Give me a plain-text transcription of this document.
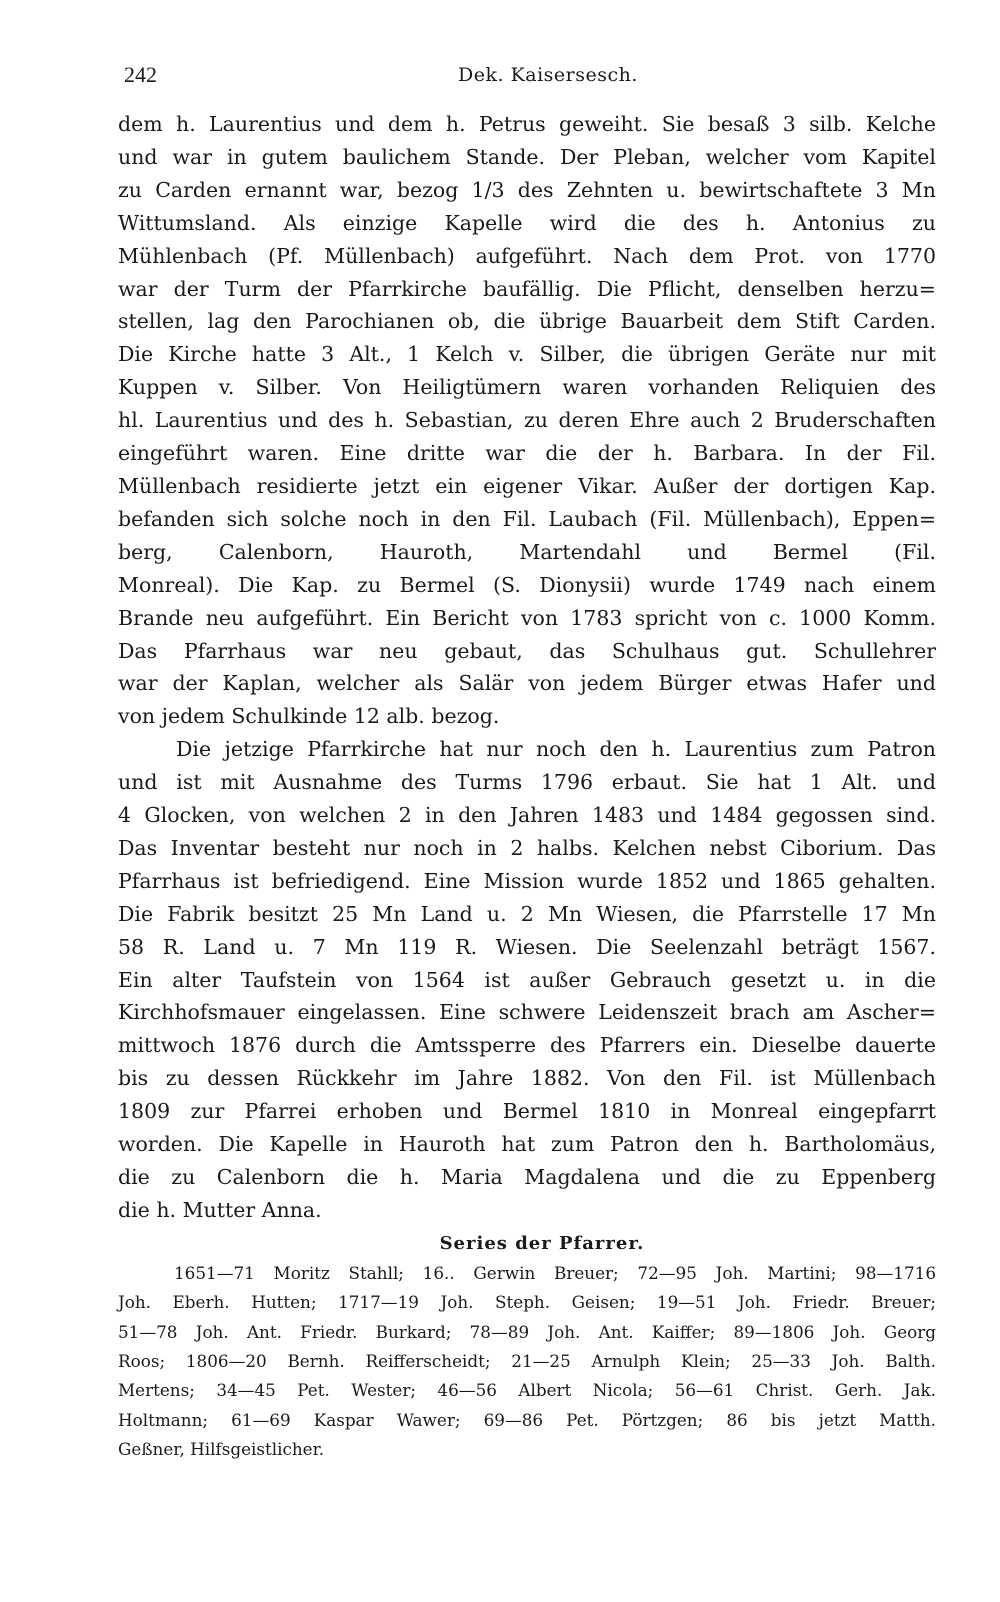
242	Dek. Kaisersesch.
dem h. Laurentius und dem h. Petrus geweiht. Sie besaß 3 silb. Kelche
und war in gutem baulichem Stande. Der Pleban, welcher vom Kapitel
zu Carden ernannt war, bezog 1/3 des Zehnten u. bewirtschaftete 3 Mn
Wittumsland. Als einzige Kapelle wird die des h. Antonius zu
Mühlenbach (Pf. Müllenbach) aufgeführt. Nach dem Prot. von 1770
war der Turm der Pfarrkirche baufällig. Die Pflicht, denselben herzu=
stellen, lag den Parochianen ob, die übrige Bauarbeit dem Stift Carden.
Die Kirche hatte 3 Alt., 1 Kelch v. Silber, die übrigen Geräte nur mit
Kuppen v. Silber. Von Heiligtümern waren vorhanden Reliquien des
hl. Laurentius und des h. Sebastian, zu deren Ehre auch 2 Bruderschaften
eingeführt waren. Eine dritte war die der h. Barbara. In der Fil.
Müllenbach residierte jetzt ein eigener Vikar. Außer der dortigen Kap.
befanden sich solche noch in den Fil. Laubach (Fil. Müllenbach), Eppen=
berg, Calenborn, Hauroth, Martendahl und Bermel (Fil.
Monreal). Die Kap. zu Bermel (S. Dionysii) wurde 1749 nach einem
Brande neu aufgeführt. Ein Bericht von 1783 spricht von c. 1000 Komm.
Das Pfarrhaus war neu gebaut, das Schulhaus gut. Schullehrer
war der Kaplan, welcher als Salär von jedem Bürger etwas Hafer und
von jedem Schulkinde 12 alb. bezog.
Die jetzige Pfarrkirche hat nur noch den h. Laurentius zum Patron
und ist mit Ausnahme des Turms 1796 erbaut. Sie hat 1 Alt. und
4 Glocken, von welchen 2 in den Jahren 1483 und 1484 gegossen sind.
Das Inventar besteht nur noch in 2 halbs. Kelchen nebst Ciborium. Das
Pfarrhaus ist befriedigend. Eine Mission wurde 1852 und 1865 gehalten.
Die Fabrik besitzt 25 Mn Land u. 2 Mn Wiesen, die Pfarrstelle 17 Mn
58 R. Land u. 7 Mn 119 R. Wiesen. Die Seelenzahl beträgt 1567.
Ein alter Taufstein von 1564 ist außer Gebrauch gesetzt u. in die
Kirchhofsmauer eingelassen. Eine schwere Leidenszeit brach am Ascher=
mittwoch 1876 durch die Amtssperre des Pfarrers ein. Dieselbe dauerte
bis zu dessen Rückkehr im Jahre 1882. Von den Fil. ist Müllenbach
1809 zur Pfarrei erhoben und Bermel 1810 in Monreal eingepfarrt
worden. Die Kapelle in Hauroth hat zum Patron den h. Bartholomäus,
die zu Calenborn die h. Maria Magdalena und die zu Eppenberg
die h. Mutter Anna.
Series der Pfarrer.
1651—71 Moritz Stahll; 16.. Gerwin Breuer; 72—95 Joh. Martini; 98—1716
Joh. Eberh. Hutten; 1717—19 Joh. Steph. Geisen; 19—51 Joh. Friedr. Breuer;
51—78 Joh. Ant. Friedr. Burkard; 78—89 Joh. Ant. Kaiffer; 89—1806 Joh. Georg
Roos; 1806—20 Bernh. Reifferscheidt; 21—25 Arnulph Klein; 25—33 Joh. Balth.
Mertens; 34—45 Pet. Wester; 46—56 Albert Nicola; 56—61 Christ. Gerh. Jak.
Holtmann; 61—69 Kaspar Wawer; 69—86 Pet. Pörtzgen; 86 bis jetzt Matth.
Geßner, Hilfsgeistlicher.
